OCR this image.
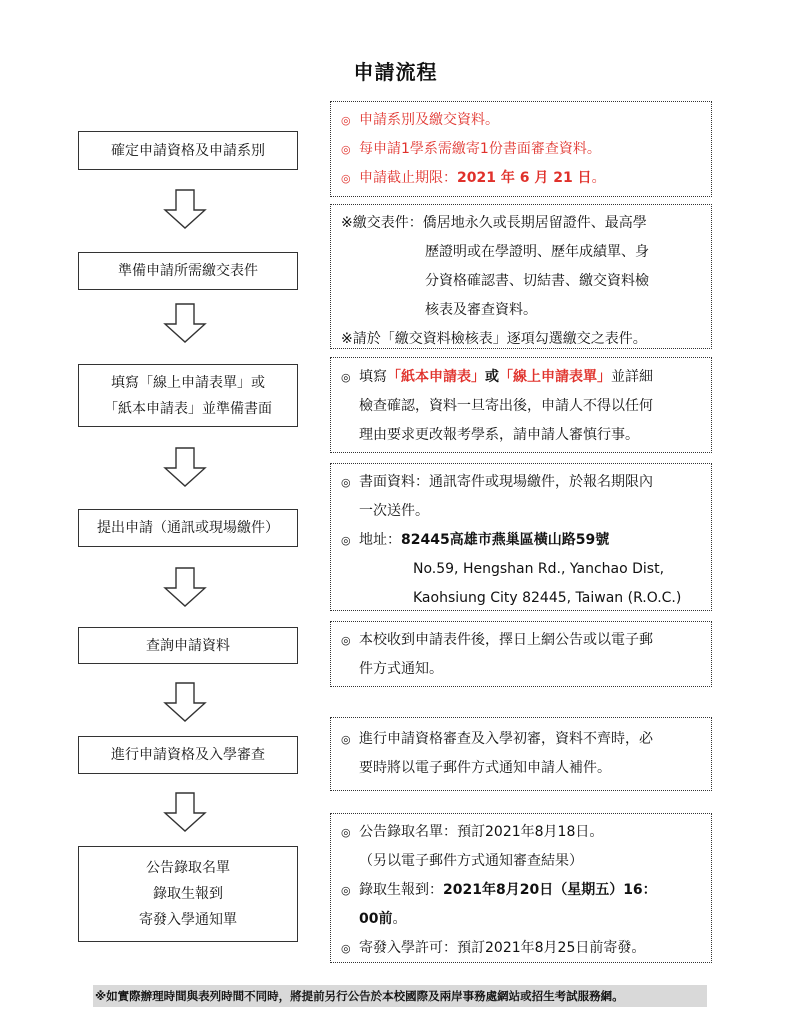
申請流程
確定申請資格及申請系別
準備申請所需繳交表件
填寫「線上申請表單」或
「紙本申請表」並準備書面
提出申請（通訊或現場繳件）
查詢申請資料
進行申請資格及入學審查
公告錄取名單
錄取生報到
寄發入學通知單
◎ 申請系別及繳交資料。
◎ 每申請1學系需繳寄1份書面審查資料。
◎ 申請截止期限：2021 年 6 月 21 日。
※繳交表件：僑居地永久或長期居留證件、最高學
歷證明或在學證明、歷年成績單、身
分資格確認書、切結書、繳交資料檢
核表及審查資料。
※請於「繳交資料檢核表」逐項勾選繳交之表件。
◎ 填寫「紙本申請表」或「線上申請表單」並詳細
檢查確認，資料一旦寄出後，申請人不得以任何
理由要求更改報考學系，請申請人審慎行事。
◎ 書面資料：通訊寄件或現場繳件，於報名期限內
一次送件。
◎ 地址：82445高雄市燕巢區橫山路59號
No.59, Hengshan Rd., Yanchao Dist,
Kaohsiung City 82445, Taiwan (R.O.C.)
◎ 本校收到申請表件後，擇日上網公告或以電子郵
件方式通知。
◎ 進行申請資格審查及入學初審，資料不齊時，必
要時將以電子郵件方式通知申請人補件。
◎ 公告錄取名單：預訂2021年8月18日。
（另以電子郵件方式通知審查結果）
◎ 錄取生報到：2021年8月20日（星期五）16：
00前。
◎ 寄發入學許可：預訂2021年8月25日前寄發。
※如實際辦理時間與表列時間不同時，將提前另行公告於本校國際及兩岸事務處網站或招生考試服務網。
